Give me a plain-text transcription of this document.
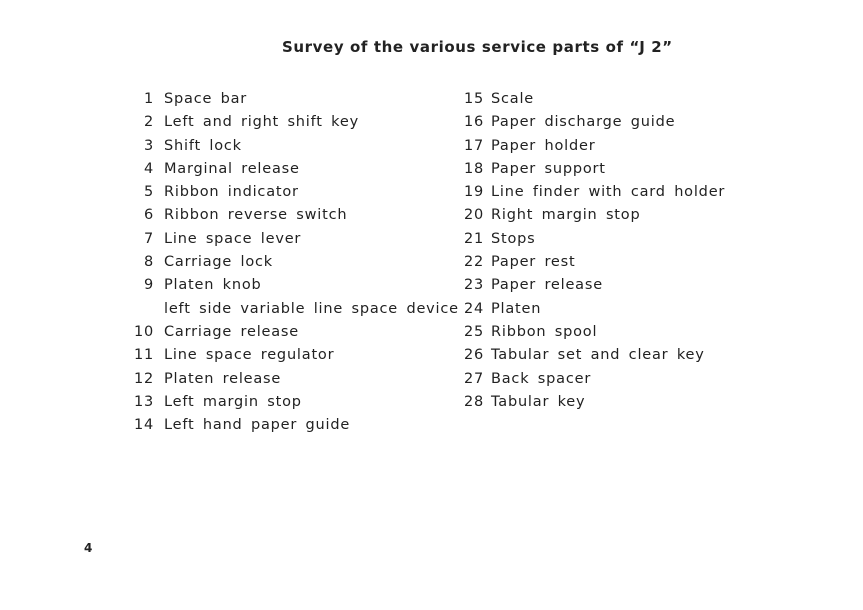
Survey of the various service parts of “J 2”
1 Space bar
2 Left and right shift key
3 Shift lock
4 Marginal release
5 Ribbon indicator
6 Ribbon reverse switch
7 Line space lever
8 Carriage lock
9 Platen knob
left side variable line space device
10 Carriage release
11 Line space regulator
12 Platen release
13 Left margin stop
14 Left hand paper guide
15 Scale
16 Paper discharge guide
17 Paper holder
18 Paper support
19 Line finder with card holder
20 Right margin stop
21 Stops
22 Paper rest
23 Paper release
24 Platen
25 Ribbon spool
26 Tabular set and clear key
27 Back spacer
28 Tabular key
4
